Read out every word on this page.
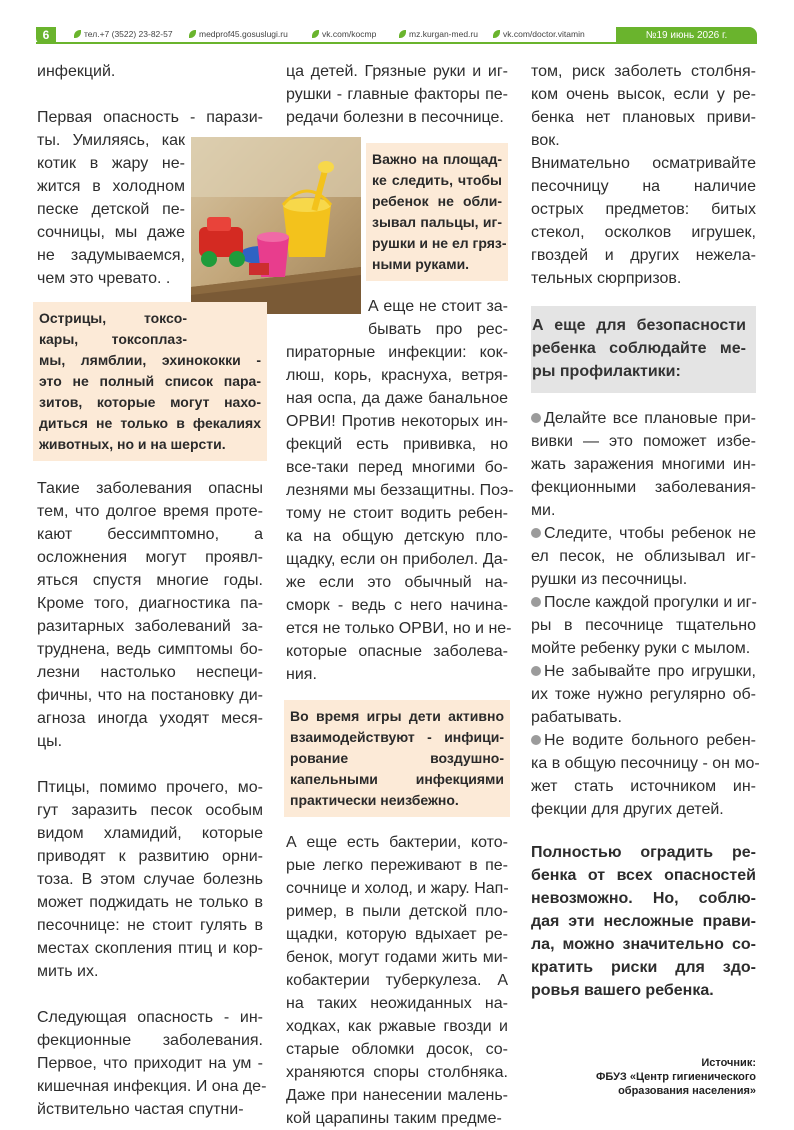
6	тел.+7 (3522) 23-82-57	medprof45.gosuslugi.ru	vk.com/kocmp	mz.kurgan-med.ru	vk.com/doctor.vitamin	№19 июнь 2026 г.

инфекций.

Первая опасность - парази-
ты. Умиляясь, как
котик в жару не-
жится в холодном
песке детской пе-
сочницы, мы даже
не задумываемся,
чем это чревато. .

Острицы, токсо-
кары, токсоплаз-
мы, лямблии, эхинококки -
это не полный список пара-
зитов, которые могут нахо-
диться не только в фекалиях
животных, но и на шерсти.

Такие заболевания опасны
тем, что долгое время проте-
кают бессимптомно, а
осложнения могут проявл-
яться спустя многие годы.
Кроме того, диагностика па-
разитарных заболеваний за-
труднена, ведь симптомы бо-
лезни настолько неспеци-
фичны, что на постановку ди-
агноза иногда уходят меся-
цы.

Птицы, помимо прочего, мо-
гут заразить песок особым
видом хламидий, которые
приводят к развитию орни-
тоза. В этом случае болезнь
может поджидать не только в
песочнице: не стоит гулять в
местах скопления птиц и кор-
мить их.

Следующая опасность - ин-
фекционные заболевания.
Первое, что приходит на ум -
кишечная инфекция. И она де-
йствительно частая спутни-

ца детей. Грязные руки и иг-
рушки - главные факторы пе-
редачи болезни в песочнице.

Важно на площад-
ке следить, чтобы
ребенок не обли-
зывал пальцы, иг-
рушки и не ел гряз-
ными руками.

А еще не стоит за-
бывать про рес-
пираторные инфекции: кок-
люш, корь, краснуха, ветря-
ная оспа, да даже банальное
ОРВИ! Против некоторых ин-
фекций есть прививка, но
все-таки перед многими бо-
лезнями мы беззащитны. Поэ-
тому не стоит водить ребен-
ка на общую детскую пло-
щадку, если он приболел. Да-
же если это обычный на-
сморк - ведь с него начина-
ется не только ОРВИ, но и не-
которые опасные заболева-
ния.

Во время игры дети активно
взаимодействуют - инфици-
рование воздушно-
капельными инфекциями
практически неизбежно.

А еще есть бактерии, кото-
рые легко переживают в пе-
сочнице и холод, и жару. Нап-
ример, в пыли детской пло-
щадки, которую вдыхает ре-
бенок, могут годами жить ми-
кобактерии туберкулеза. А
на таких неожиданных на-
ходках, как ржавые гвозди и
старые обломки досок, со-
храняются споры столбняка.
Даже при нанесении малень-
кой царапины таким предме-

том, риск заболеть столбня-
ком очень высок, если у ре-
бенка нет плановых приви-
вок.

Внимательно осматривайте
песочницу на наличие
острых предметов: битых
стекол, осколков игрушек,
гвоздей и других нежела-
тельных сюрпризов.

А еще для безопасности
ребенка соблюдайте ме-
ры профилактики:

Делайте все плановые при-
вивки — это поможет избе-
жать заражения многими ин-
фекционными заболевания-
ми.

Следите, чтобы ребенок не
ел песок, не облизывал иг-
рушки из песочницы.

После каждой прогулки и иг-
ры в песочнице тщательно
мойте ребенку руки с мылом.

Не забывайте про игрушки,
их тоже нужно регулярно об-
рабатывать.

Не водите больного ребен-
ка в общую песочницу - он мо-
жет стать источником ин-
фекции для других детей.

Полностью оградить ре-
бенка от всех опасностей
невозможно. Но, соблю-
дая эти несложные прави-
ла, можно значительно со-
кратить риски для здо-
ровья вашего ребенка.
Источник:
ФБУЗ «Центр гигиенического образования населения»
